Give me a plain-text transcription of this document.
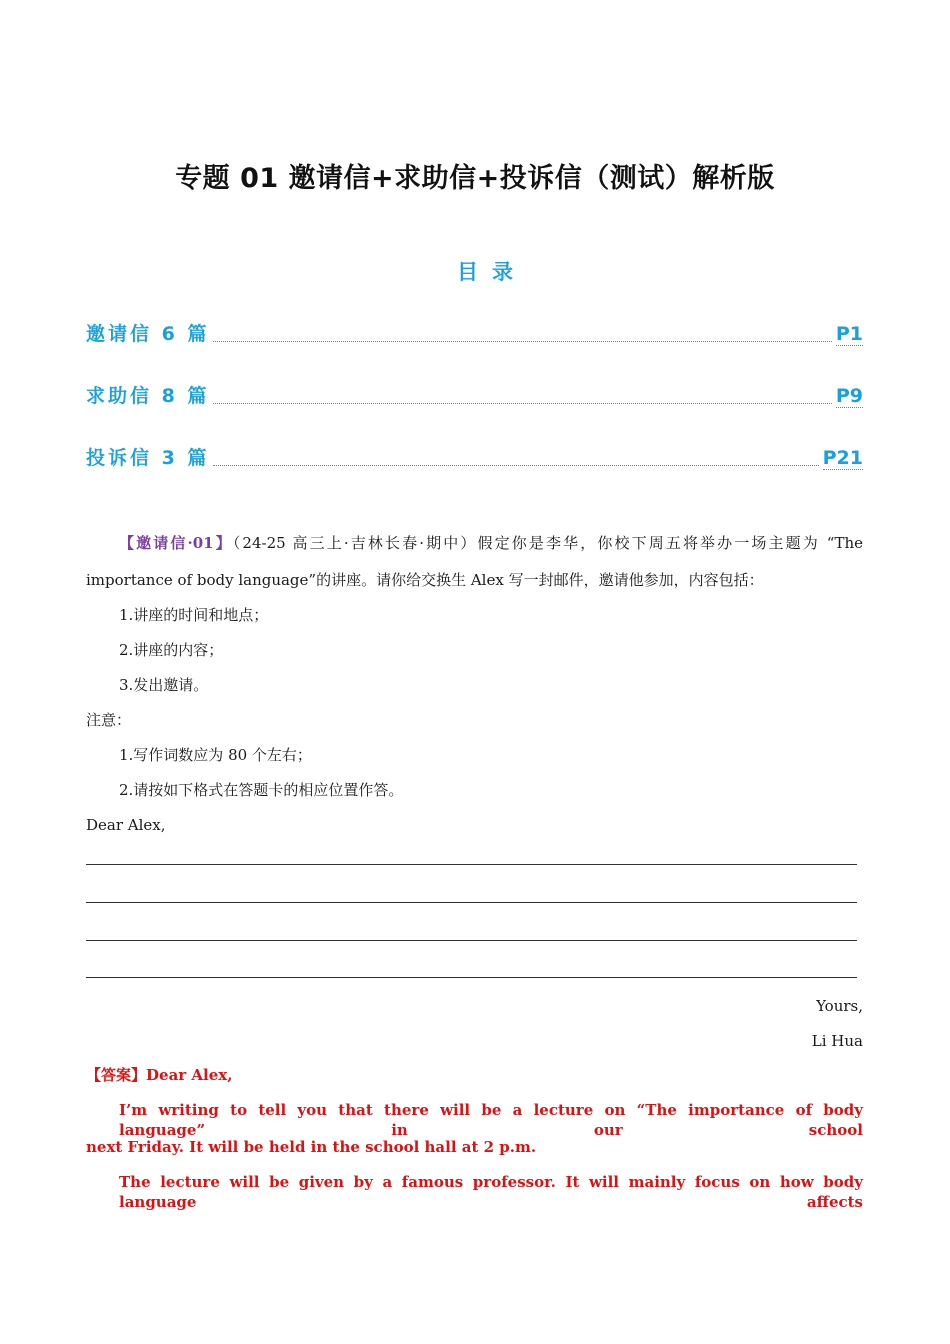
专题 01 邀请信+求助信+投诉信（测试）解析版
目录
邀请信 6 篇	P1
求助信 8 篇	P9
投诉信 3 篇	P21
【邀请信·01】（24-25 高三上·吉林长春·期中）假定你是李华，你校下周五将举办一场主题为 “The
importance of body language”的讲座。请你给交换生 Alex 写一封邮件，邀请他参加，内容包括：
1.讲座的时间和地点；
2.讲座的内容；
3.发出邀请。
注意：
1.写作词数应为 80 个左右；
2.请按如下格式在答题卡的相应位置作答。
Dear Alex,
Yours,
Li Hua
【答案】Dear Alex,
I’m writing to tell you that there will be a lecture on “The importance of body language” in our school
next Friday. It will be held in the school hall at 2 p.m.
The lecture will be given by a famous professor. It will mainly focus on how body language affects
